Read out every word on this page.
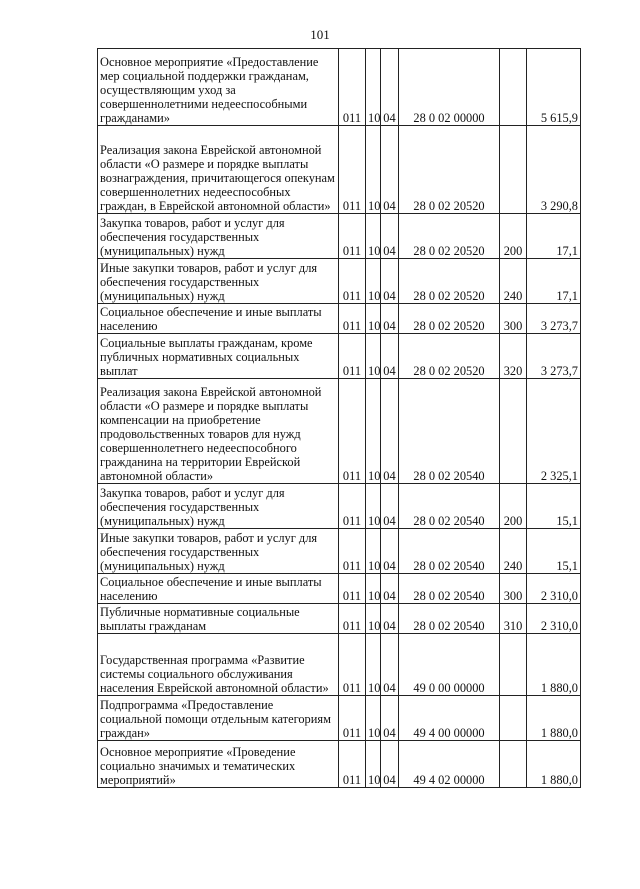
101
Основное мероприятие «Предоставление мер социальной поддержки гражданам, осуществляющим уход за совершеннолетними недееспособными гражданами»	011	10	04	28 0 02 00000		5 615,9
Реализация закона Еврейской автономной области «О размере и порядке выплаты вознаграждения, причитающегося опекунам совершеннолетних недееспособных граждан, в Еврейской автономной области»	011	10	04	28 0 02 20520		3 290,8
Закупка товаров, работ и услуг для обеспечения государственных (муниципальных) нужд	011	10	04	28 0 02 20520	200	17,1
Иные закупки товаров, работ и услуг для обеспечения государственных (муниципальных) нужд	011	10	04	28 0 02 20520	240	17,1
Социальное обеспечение и иные выплаты населению	011	10	04	28 0 02 20520	300	3 273,7
Социальные выплаты гражданам, кроме публичных нормативных социальных выплат	011	10	04	28 0 02 20520	320	3 273,7
Реализация закона Еврейской автономной области «О размере и порядке выплаты компенсации на приобретение продовольственных товаров для нужд совершеннолетнего недееспособного гражданина на территории Еврейской автономной области»	011	10	04	28 0 02 20540		2 325,1
Закупка товаров, работ и услуг для обеспечения государственных (муниципальных) нужд	011	10	04	28 0 02 20540	200	15,1
Иные закупки товаров, работ и услуг для обеспечения государственных (муниципальных) нужд	011	10	04	28 0 02 20540	240	15,1
Социальное обеспечение и иные выплаты населению	011	10	04	28 0 02 20540	300	2 310,0
Публичные нормативные социальные выплаты гражданам	011	10	04	28 0 02 20540	310	2 310,0
Государственная программа «Развитие системы социального обслуживания населения Еврейской автономной области»	011	10	04	49 0 00 00000		1 880,0
Подпрограмма «Предоставление социальной помощи отдельным категориям граждан»	011	10	04	49 4 00 00000		1 880,0
Основное мероприятие «Проведение социально значимых и тематических мероприятий»	011	10	04	49 4 02 00000		1 880,0
